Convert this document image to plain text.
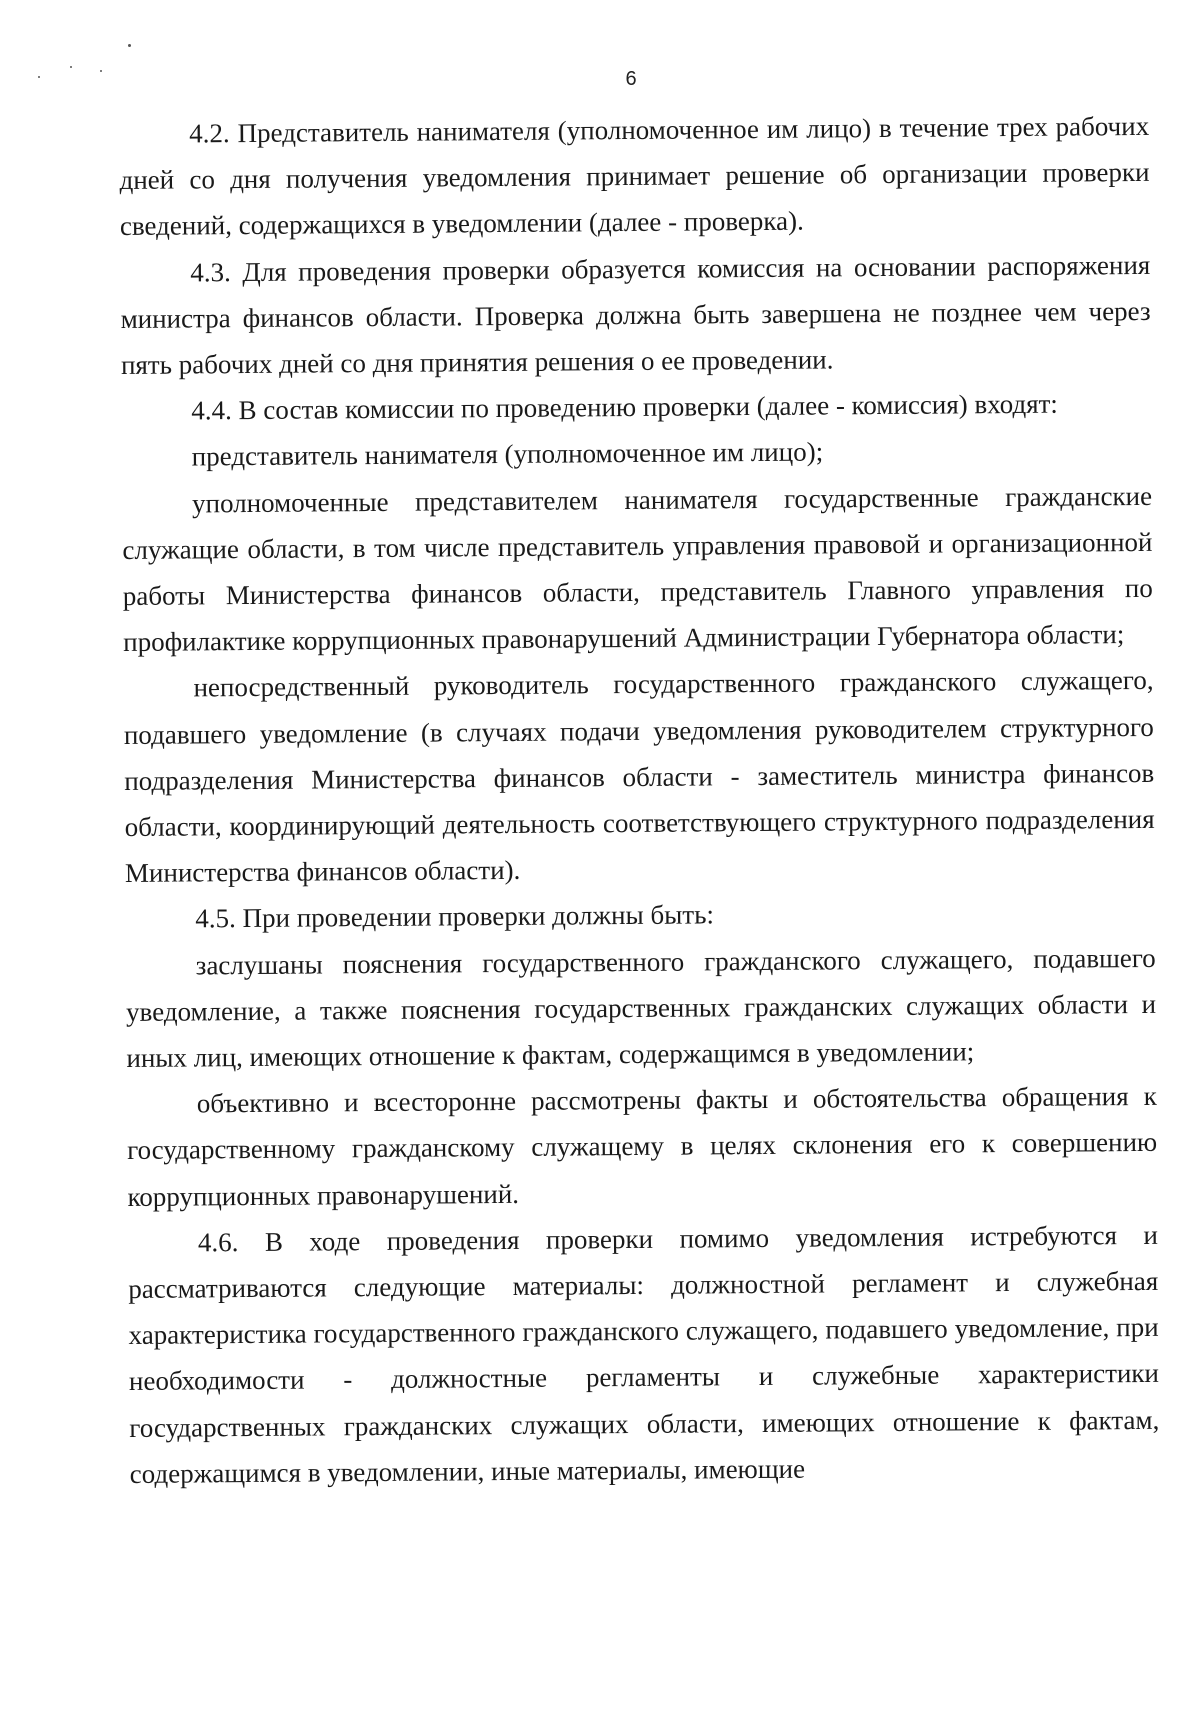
6

4.2. Представитель нанимателя (уполномоченное им лицо) в течение трех рабочих дней со дня получения уведомления принимает решение об организации проверки сведений, содержащихся в уведомлении (далее - проверка).

4.3. Для проведения проверки образуется комиссия на основании распоряжения министра финансов области. Проверка должна быть завершена не позднее чем через пять рабочих дней со дня принятия решения о ее проведении.

4.4. В состав комиссии по проведению проверки (далее - комиссия) входят:

представитель нанимателя (уполномоченное им лицо);

уполномоченные представителем нанимателя государственные гражданские служащие области, в том числе представитель управления правовой и организационной работы Министерства финансов области, представитель Главного управления по профилактике коррупционных правонарушений Администрации Губернатора области;

непосредственный руководитель государственного гражданского служащего, подавшего уведомление (в случаях подачи уведомления руководителем структурного подразделения Министерства финансов области - заместитель министра финансов области, координирующий деятельность соответствующего структурного подразделения Министерства финансов области).

4.5. При проведении проверки должны быть:

заслушаны пояснения государственного гражданского служащего, подавшего уведомление, а также пояснения государственных гражданских служащих области и иных лиц, имеющих отношение к фактам, содержащимся в уведомлении;

объективно и всесторонне рассмотрены факты и обстоятельства обращения к государственному гражданскому служащему в целях склонения его к совершению коррупционных правонарушений.

4.6. В ходе проведения проверки помимо уведомления истребуются и рассматриваются следующие материалы: должностной регламент и служебная характеристика государственного гражданского служащего, подавшего уведомление, при необходимости - должностные регламенты и служебные характеристики государственных гражданских служащих области, имеющих отношение к фактам, содержащимся в уведомлении, иные материалы, имеющие
